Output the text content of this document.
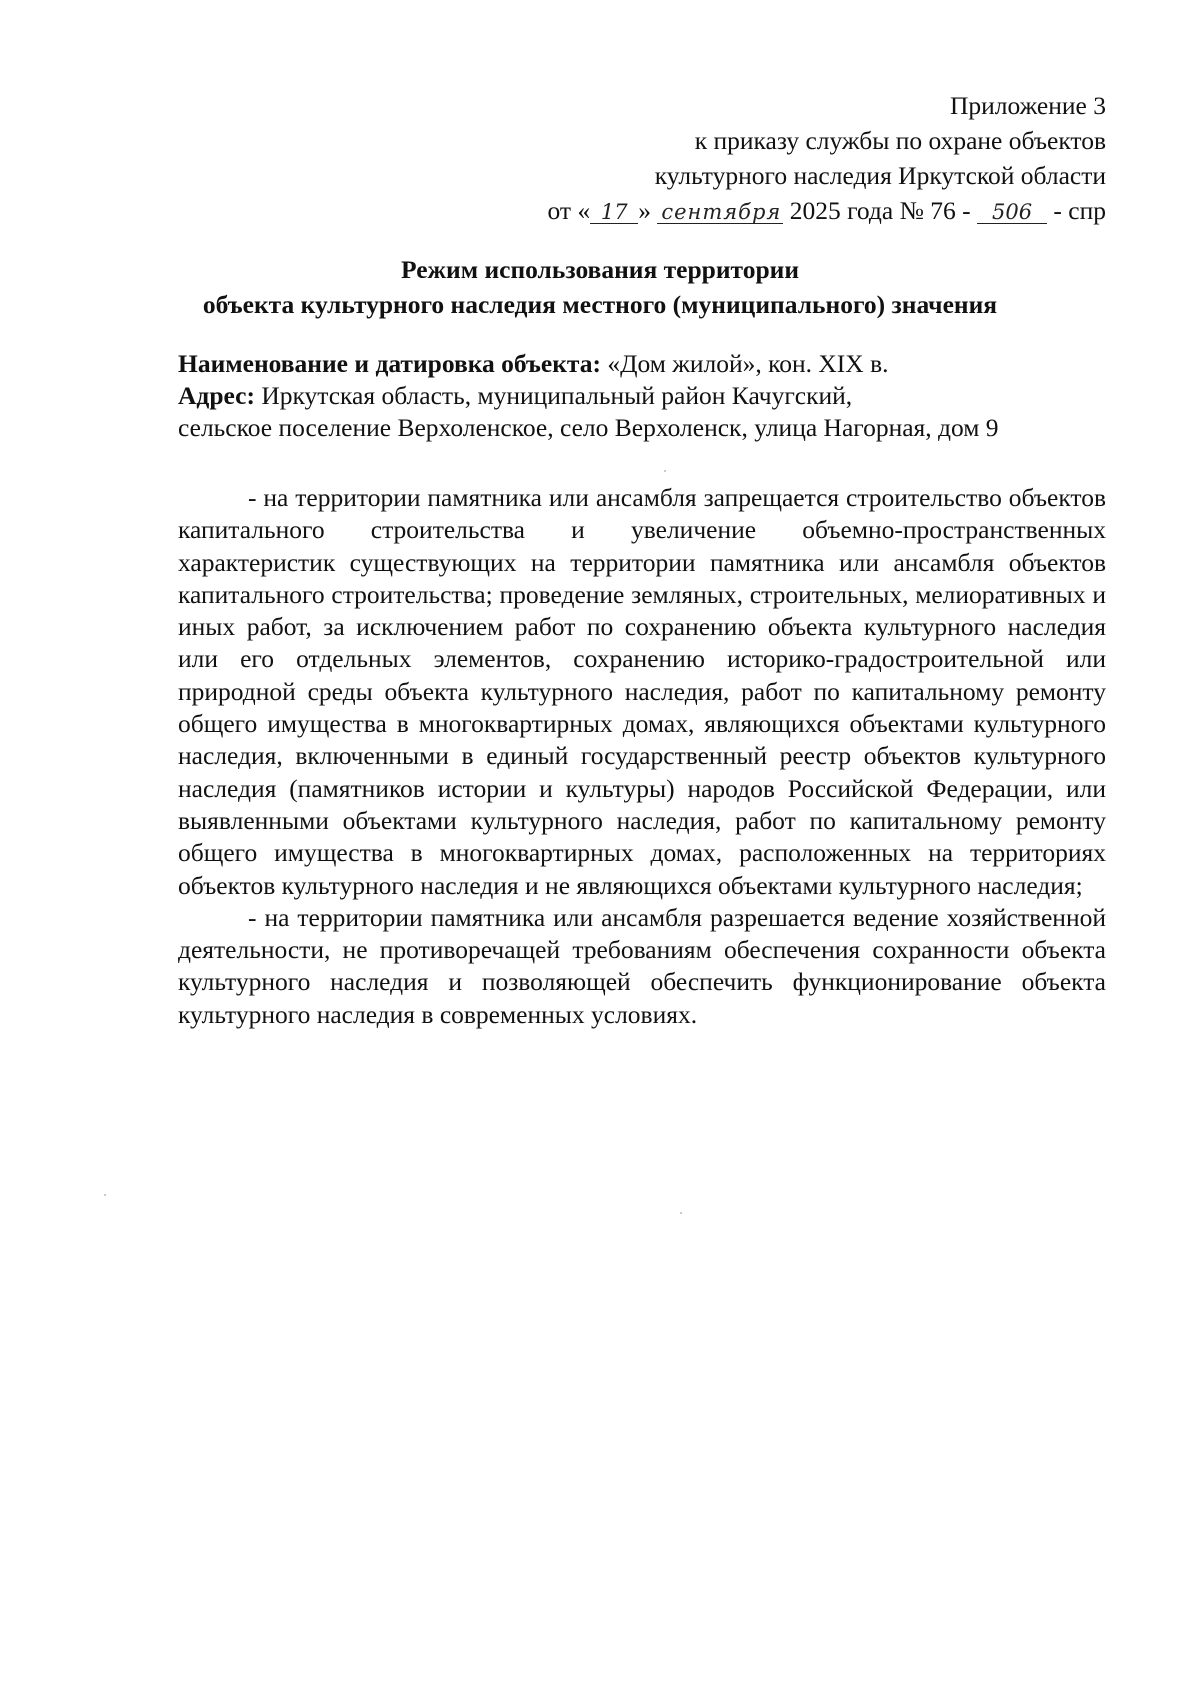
Приложение 3
к приказу службы по охране объектов
культурного наследия Иркутской области
от « 17 » сентября 2025 года № 76 - 506 - спр
Режим использования территории
объекта культурного наследия местного (муниципального) значения
Наименование и датировка объекта: «Дом жилой», кон. XIX в.
Адрес: Иркутская область, муниципальный район Качугский,
сельское поселение Верхоленское, село Верхоленск, улица Нагорная, дом 9

- на территории памятника или ансамбля запрещается строительство объектов капитального строительства и увеличение объемно-пространственных характеристик существующих на территории памятника или ансамбля объектов капитального строительства; проведение земляных, строительных, мелиоративных и иных работ, за исключением работ по сохранению объекта культурного наследия или его отдельных элементов, сохранению историко-градостроительной или природной среды объекта культурного наследия, работ по капитальному ремонту общего имущества в многоквартирных домах, являющихся объектами культурного наследия, включенными в единый государственный реестр объектов культурного наследия (памятников истории и культуры) народов Российской Федерации, или выявленными объектами культурного наследия, работ по капитальному ремонту общего имущества в многоквартирных домах, расположенных на территориях объектов культурного наследия и не являющихся объектами культурного наследия;

- на территории памятника или ансамбля разрешается ведение хозяйственной деятельности, не противоречащей требованиям обеспечения сохранности объекта культурного наследия и позволяющей обеспечить функционирование объекта культурного наследия в современных условиях.
